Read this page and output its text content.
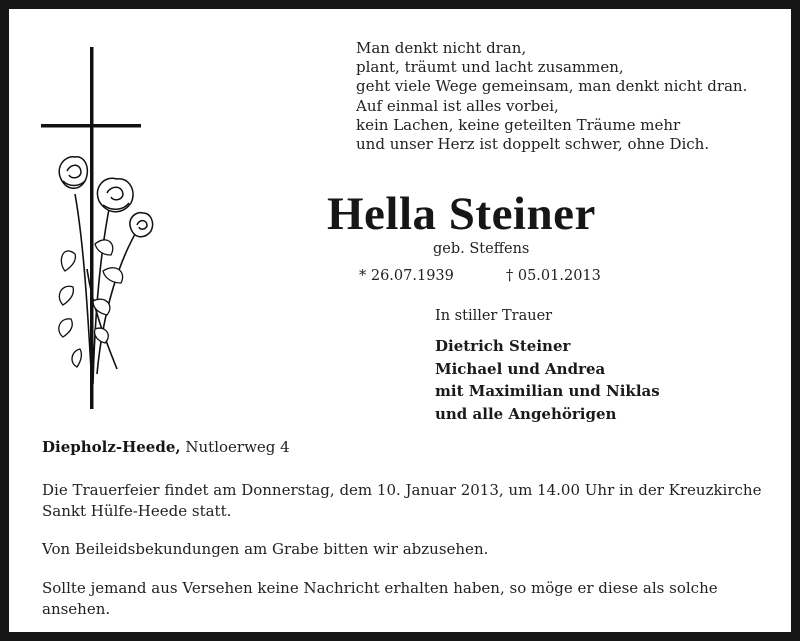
Man denkt nicht dran,
plant, träumt und lacht zusammen,
geht viele Wege gemeinsam, man denkt nicht dran.
Auf einmal ist alles vorbei,
kein Lachen, keine geteilten Träume mehr
und unser Herz ist doppelt schwer, ohne Dich.
Hella Steiner
geb. Steffens
* 26.07.1939	† 05.01.2013
In stiller Trauer
Dietrich Steiner
Michael und Andrea
mit Maximilian und Niklas
und alle Angehörigen
Diepholz-Heede, Nutloerweg 4
Die Trauerfeier findet am Donnerstag, dem 10. Januar 2013, um 14.00 Uhr in der Kreuzkirche Sankt Hülfe-Heede statt.
Von Beileidsbekundungen am Grabe bitten wir abzusehen.
Sollte jemand aus Versehen keine Nachricht erhalten haben, so möge er diese als solche ansehen.
